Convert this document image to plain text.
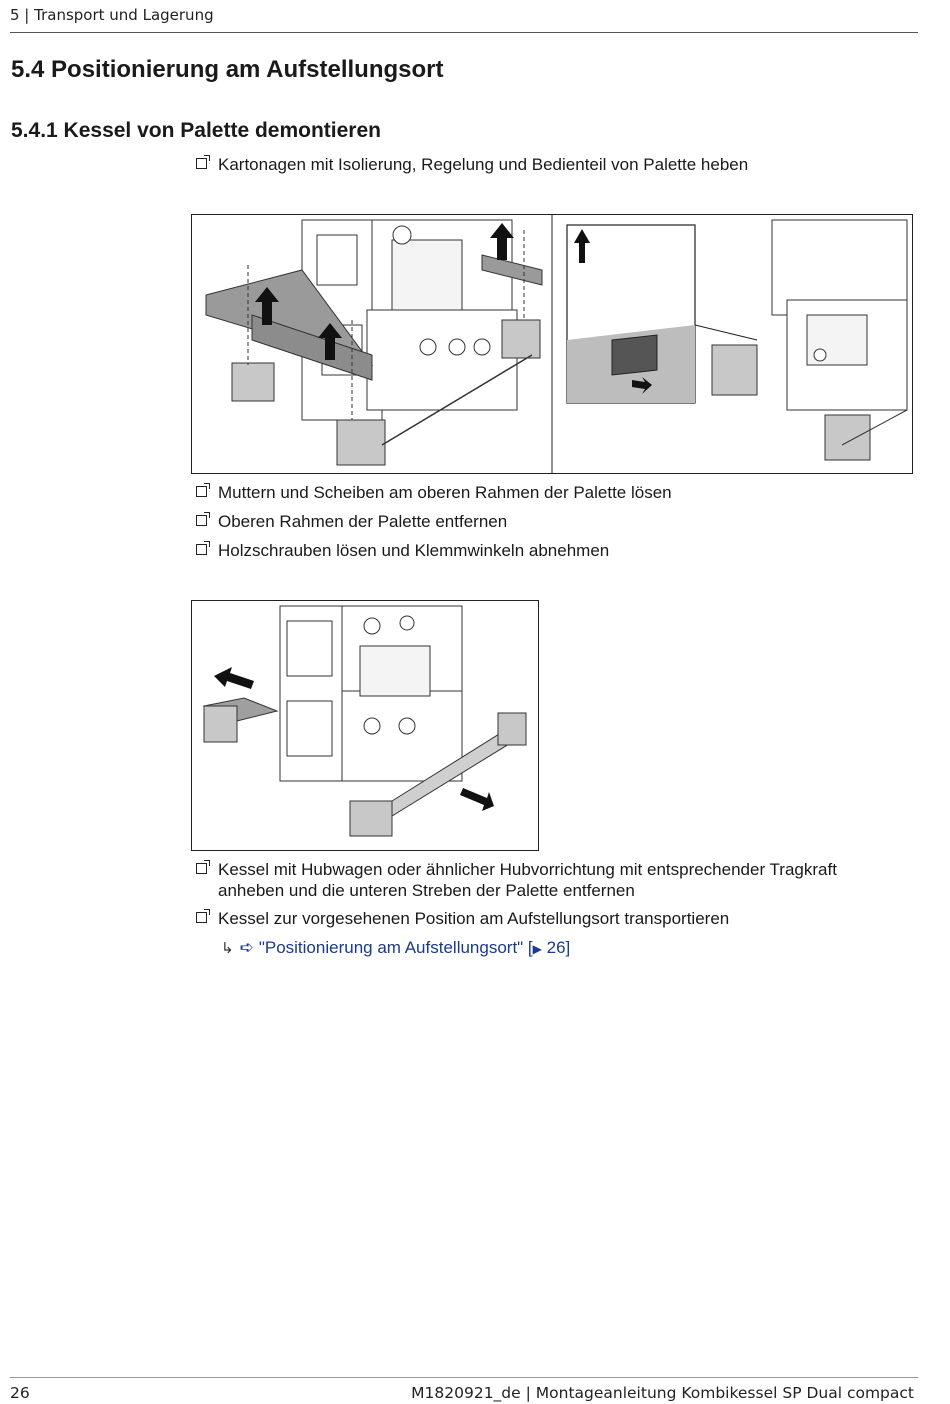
5 | Transport und Lagerung
5.4 Positionierung am Aufstellungsort
5.4.1 Kessel von Palette demontieren
Kartonagen mit Isolierung, Regelung und Bedienteil von Palette heben
Muttern und Scheiben am oberen Rahmen der Palette lösen
Oberen Rahmen der Palette entfernen
Holzschrauben lösen und Klemmwinkeln abnehmen
Kessel mit Hubwagen oder ähnlicher Hubvorrichtung mit entsprechender Tragkraft anheben und die unteren Streben der Palette entfernen
Kessel zur vorgesehenen Position am Aufstellungsort transportieren
↳ ➪ "Positionierung am Aufstellungsort" [▶ 26]
26	M1820921_de | Montageanleitung Kombikessel SP Dual compact
